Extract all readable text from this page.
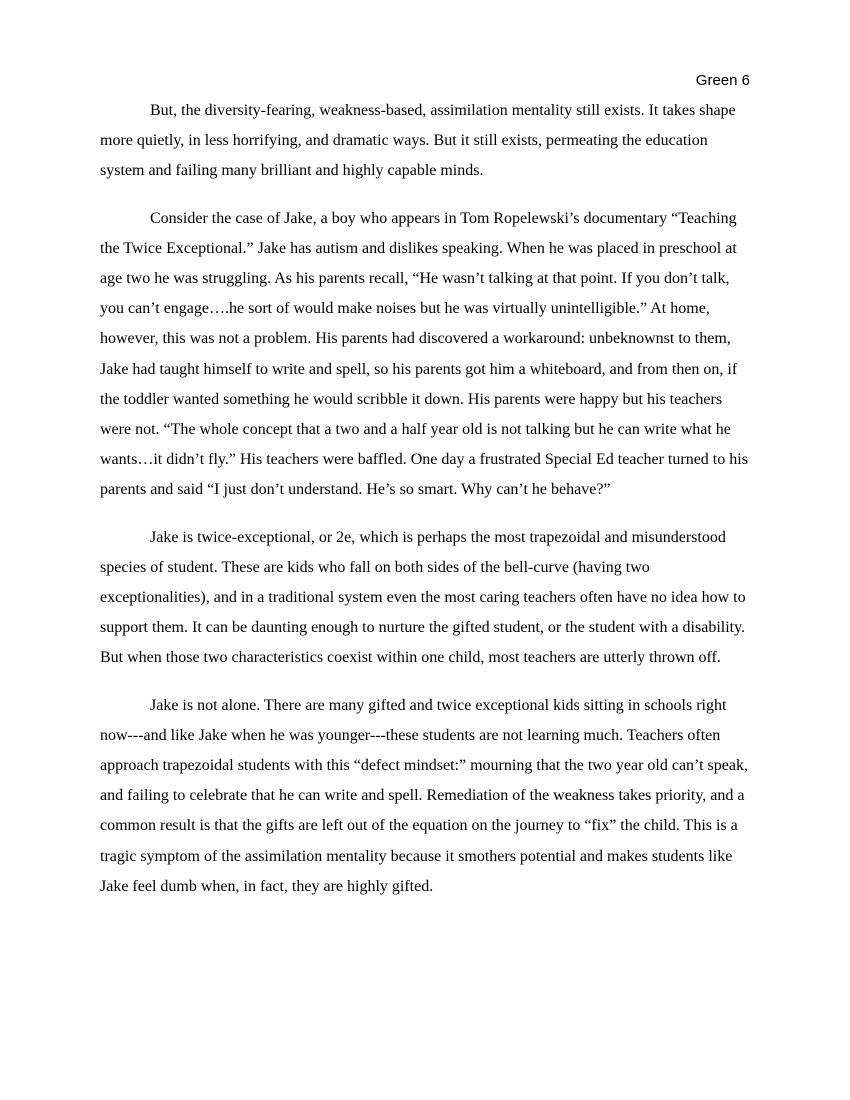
Green 6

But, the diversity-fearing, weakness-based, assimilation mentality still exists. It takes shape more quietly, in less horrifying, and dramatic ways. But it still exists, permeating the education system and failing many brilliant and highly capable minds.

Consider the case of Jake, a boy who appears in Tom Ropelewski’s documentary “Teaching the Twice Exceptional.” Jake has autism and dislikes speaking. When he was placed in preschool at age two he was struggling. As his parents recall, “He wasn’t talking at that point. If you don’t talk, you can’t engage….he sort of would make noises but he was virtually unintelligible.” At home, however, this was not a problem. His parents had discovered a workaround: unbeknownst to them, Jake had taught himself to write and spell, so his parents got him a whiteboard, and from then on, if the toddler wanted something he would scribble it down. His parents were happy but his teachers were not. “The whole concept that a two and a half year old is not talking but he can write what he wants…it didn’t fly.” His teachers were baffled. One day a frustrated Special Ed teacher turned to his parents and said “I just don’t understand. He’s so smart. Why can’t he behave?”

Jake is twice-exceptional, or 2e, which is perhaps the most trapezoidal and misunderstood species of student. These are kids who fall on both sides of the bell-curve (having two exceptionalities), and in a traditional system even the most caring teachers often have no idea how to support them. It can be daunting enough to nurture the gifted student, or the student with a disability. But when those two characteristics coexist within one child, most teachers are utterly thrown off.

Jake is not alone. There are many gifted and twice exceptional kids sitting in schools right now---and like Jake when he was younger---these students are not learning much. Teachers often approach trapezoidal students with this “defect mindset:” mourning that the two year old can’t speak, and failing to celebrate that he can write and spell. Remediation of the weakness takes priority, and a common result is that the gifts are left out of the equation on the journey to “fix” the child. This is a tragic symptom of the assimilation mentality because it smothers potential and makes students like Jake feel dumb when, in fact, they are highly gifted.
